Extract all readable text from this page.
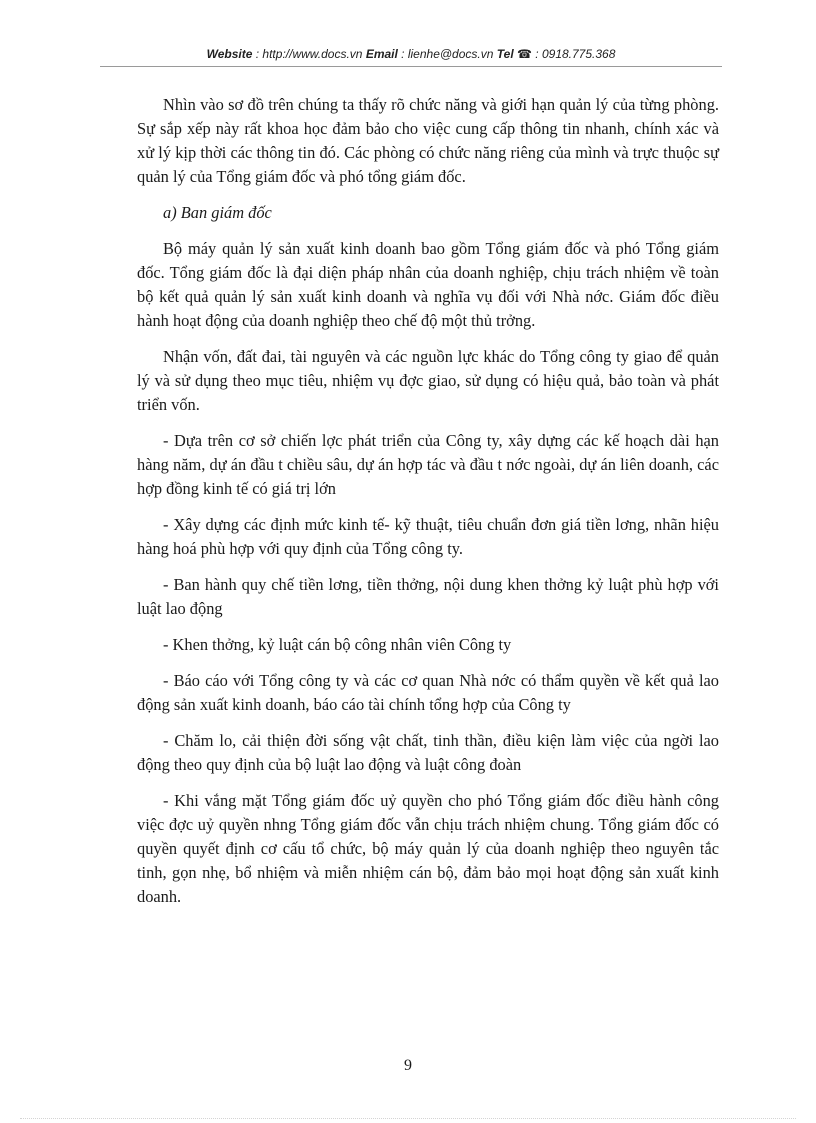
Website : http://www.docs.vn Email : lienhe@docs.vn Tel ☎ : 0918.775.368

Nhìn vào sơ đồ trên chúng ta thấy rõ chức năng và giới hạn quản lý của từng phòng. Sự sắp xếp này rất khoa học đảm bảo cho việc cung cấp thông tin nhanh, chính xác và xử lý kịp thời các thông tin đó. Các phòng có chức năng riêng của mình và trực thuộc sự quản lý của Tổng giám đốc và phó tổng giám đốc.

a) Ban giám đốc

Bộ máy quản lý sản xuất kinh doanh bao gồm Tổng giám đốc và phó Tổng giám đốc. Tổng giám đốc là đại diện pháp nhân của doanh nghiệp, chịu trách nhiệm về toàn bộ kết quả quản lý sản xuất kinh doanh và nghĩa vụ đối với Nhà nớc. Giám đốc điều hành hoạt động của doanh nghiệp theo chế độ một thủ trởng.

Nhận vốn, đất đai, tài nguyên và các nguồn lực khác do Tổng công ty giao để quản lý và sử dụng theo mục tiêu, nhiệm vụ đợc giao, sử dụng có hiệu quả, bảo toàn và phát triển vốn.

- Dựa trên cơ sở chiến lợc phát triển của Công ty, xây dựng các kế hoạch dài hạn hàng năm, dự án đầu t chiều sâu, dự án hợp tác và đầu t nớc ngoài, dự án liên doanh, các hợp đồng kinh tế có giá trị lớn

- Xây dựng các định mức kinh tế- kỹ thuật, tiêu chuẩn đơn giá tiền lơng, nhãn hiệu hàng hoá phù hợp với quy định của Tổng công ty.

- Ban hành quy chế tiền lơng, tiền thởng, nội dung khen thởng kỷ luật phù hợp với luật lao động

- Khen thởng, kỷ luật cán bộ công nhân viên Công ty

- Báo cáo với Tổng công ty và các cơ quan Nhà nớc có thẩm quyền về kết quả lao động sản xuất kinh doanh, báo cáo tài chính tổng hợp của Công ty

- Chăm lo, cải thiện đời sống vật chất, tinh thần, điều kiện làm việc của ngời lao động theo quy định của bộ luật lao động và luật công đoàn

- Khi vắng mặt Tổng giám đốc uỷ quyền cho phó Tổng giám đốc điều hành công việc đợc uỷ quyền nhng Tổng giám đốc vẫn chịu trách nhiệm chung. Tổng giám đốc có quyền quyết định cơ cấu tổ chức, bộ máy quản lý của doanh nghiệp theo nguyên tắc tinh, gọn nhẹ, bổ nhiệm và miễn nhiệm cán bộ, đảm bảo mọi hoạt động sản xuất kinh doanh.

9
